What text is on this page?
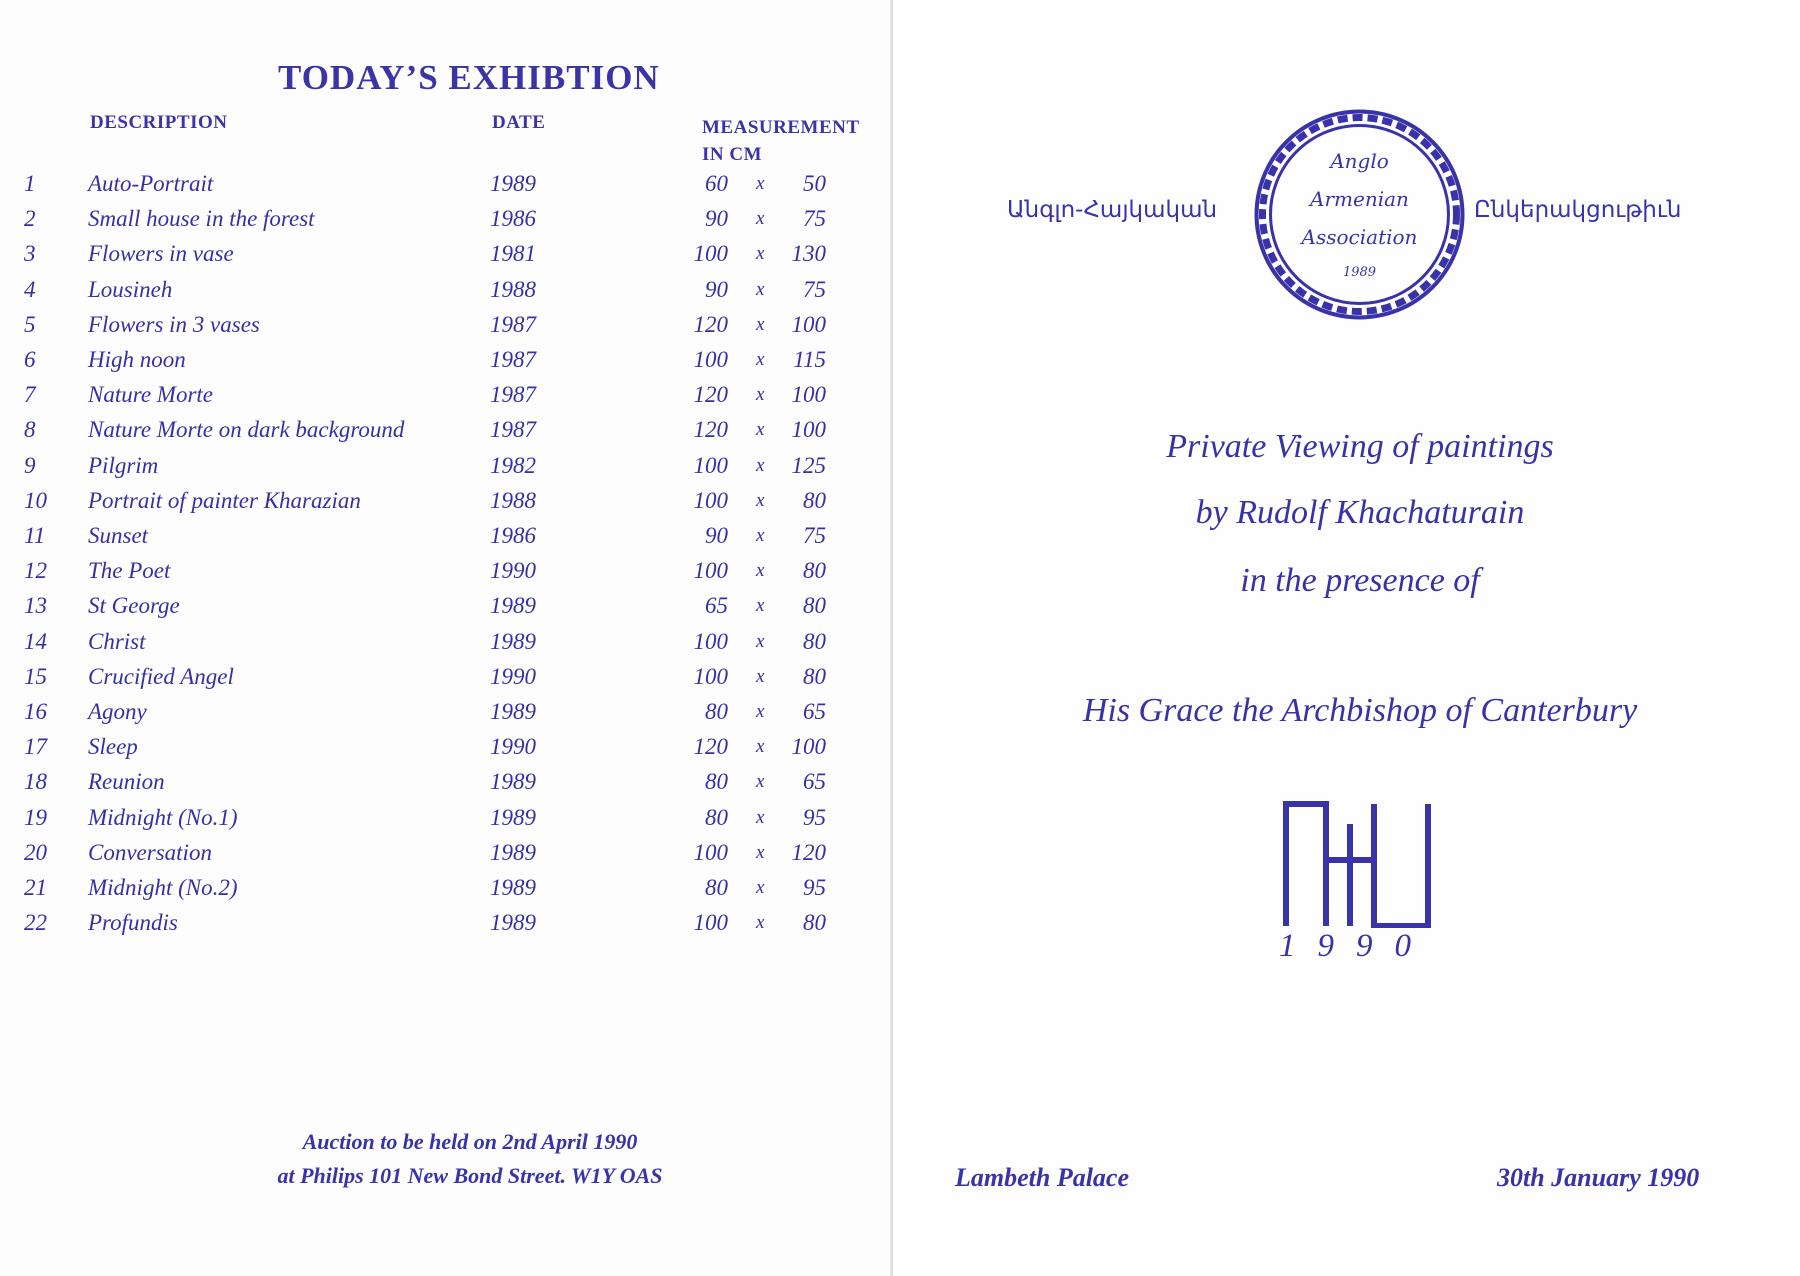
TODAY’S EXHIBTION
DESCRIPTION	DATE	MEASUREMENT
IN CM
1	Auto-Portrait	1989	60 x	50
2	Small house in the forest	1986	90 x	75
3	Flowers in vase	1981	100 x	130
4	Lousineh	1988	90 x	75
5	Flowers in 3 vases	1987	120 x	100
6	High noon	1987	100 x	115
7	Nature Morte	1987	120 x	100
8	Nature Morte on dark background	1987	120 x	100
9	Pilgrim	1982	100 x	125
10	Portrait of painter Kharazian	1988	100 x	80
11	Sunset	1986	90 x	75
12	The Poet	1990	100 x	80
13	St George	1989	65 x	80
14	Christ	1989	100 x	80
15	Crucified Angel	1990	100 x	80
16	Agony	1989	80 x	65
17	Sleep	1990	120 x	100
18	Reunion	1989	80 x	65
19	Midnight (No.1)	1989	80 x	95
20	Conversation	1989	100 x	120
21	Midnight (No.2)	1989	80 x	95
22	Profundis	1989	100 x	80

Auction to be held on 2nd April 1990

at Philips 101 New Bond Street. W1Y OAS

Անգլո-Հայկական
Anglo
Armenian
Association
1989
Ընկերակցութիւն

Private Viewing of paintings

by Rudolf Khachaturain

in the presence of

His Grace the Archbishop of Canterbury

1990
Lambeth Palace	30th January 1990
